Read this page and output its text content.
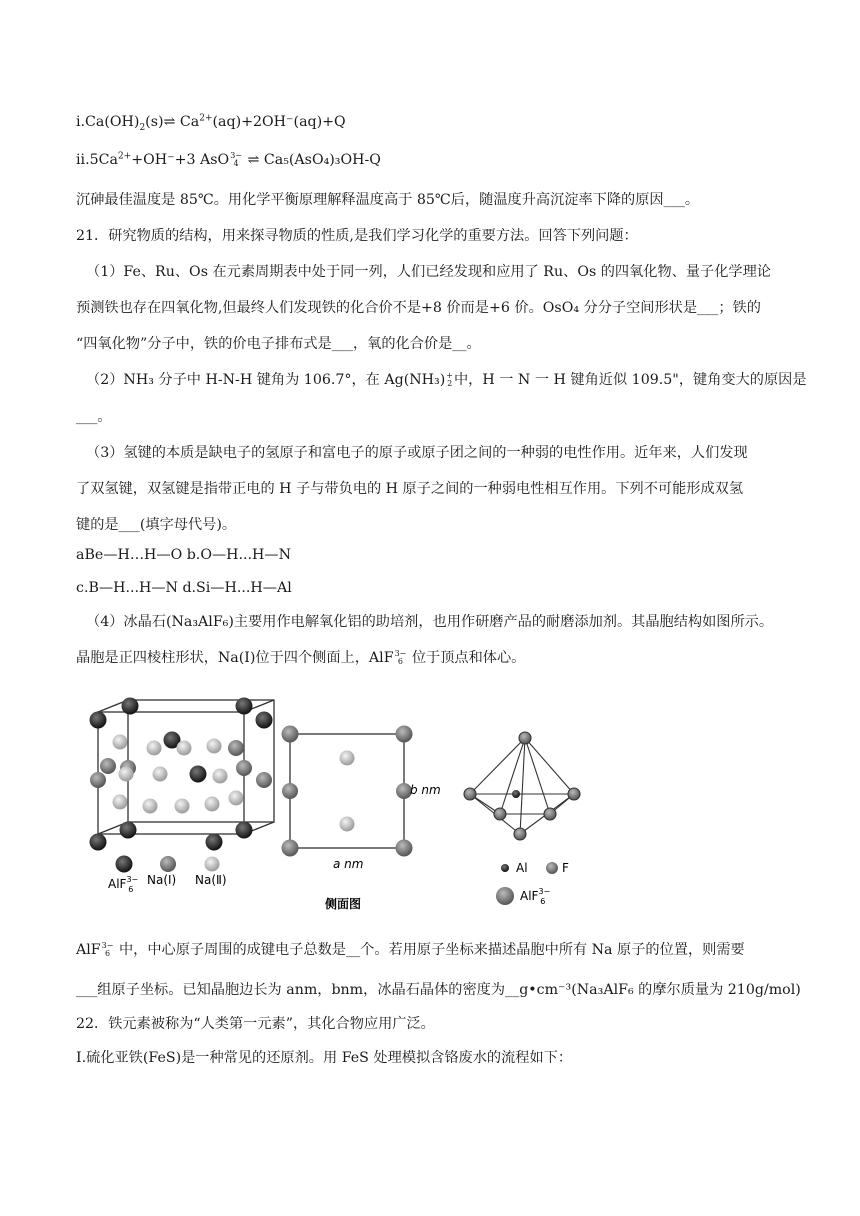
$i.Ca(OH)_2(s)\rightleftharpoons$ $Ca^{2+}(aq)+2OH^-(aq)+Q$
$ii.5Ca^{2+}+OH^-+3$ AsO 3−
4 ⇌ Ca₅(AsO₄)₃OH-Q
沉砷最佳温度是 85℃。用化学平衡原理解释温度高于 85℃后，随温度升高沉淀率下降的原因___。
21．研究物质的结构，用来探寻物质的性质,是我们学习化学的重要方法。回答下列问题：
（1）Fe、Ru、Os 在元素周期表中处于同一列，人们已经发现和应用了 Ru、Os 的四氧化物、量子化学理论
预测铁也存在四氧化物,但最终人们发现铁的化合价不是+8 价而是+6 价。OsO₄ 分分子空间形状是___；铁的
“四氧化物”分子中，铁的价电子排布式是___，氧的化合价是__。
（2）NH₃ 分子中 H-N-H 键角为 106.7°，在 Ag(NH₃) +
2 中，H 一 N 一 H 键角近似 109.5"，键角变大的原因是
___。
（3）氢键的本质是缺电子的氢原子和富电子的原子或原子团之间的一种弱的电性作用。近年来，人们发现
了双氢键，双氢键是指带正电的 H 子与带负电的 H 原子之间的一种弱电性相互作用。下列不可能形成双氢
键的是___(填字母代号)。
aBe—H…H—O b.O—H...H—N
c.B—H...H—N d.Si—H...H—Al
（4）冰晶石(Na₃AlF₆)主要用作电解氧化铝的助培剂，也用作研磨产品的耐磨添加剂。其晶胞结构如图所示。
晶胞是正四棱柱形状，Na(I)位于四个侧面上，AlF 3−
6 位于顶点和体心。
AlF$^{3-}$ 6
Na(Ⅰ) Na(Ⅱ)
b nm
a nm
侧面图
Al	F
AlF$^{3-}$ 6
AlF 3−
6 中，中心原子周围的成键电子总数是__个。若用原子坐标来描述晶胞中所有 Na 原子的位置，则需要
___组原子坐标。已知晶胞边长为 anm，bnm，冰晶石晶体的密度为__g•cm⁻³(Na₃AlF₆ 的摩尔质量为 210g/mol)
22．铁元素被称为“人类第一元素”，其化合物应用广泛。
I.硫化亚铁(FeS)是一种常见的还原剂。用 FeS 处理模拟含铬废水的流程如下：
